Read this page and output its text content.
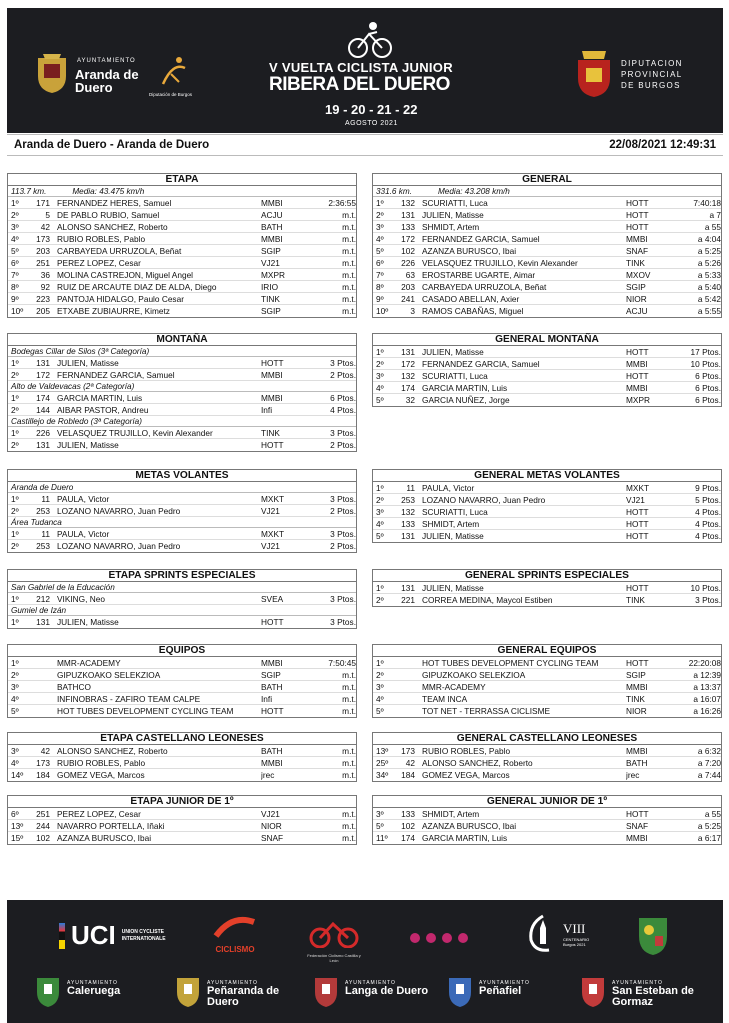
AYUNTAMIENTO
Aranda de Duero	Diputación de Burgos
V VUELTA CICLISTA JUNIOR
RIBERA DEL DUERO
19 - 20 - 21 - 22
AGOSTO 2021
DIPUTACION PROVINCIAL DE BURGOS
Aranda de Duero - Aranda de Duero	22/08/2021 12:49:31
ETAPA
113.7 km.	Media: 43.475 km/h
1º	171 FERNANDEZ HERES, Samuel	MMBI	2:36:55
2º	5 DE PABLO RUBIO, Samuel	ACJU	m.t.
3º	42 ALONSO SANCHEZ, Roberto	BATH	m.t.
4º	173 RUBIO ROBLES, Pablo	MMBI	m.t.
5º	203 CARBAYEDA URRUZOLA, Beñat	SGIP	m.t.
6º	251 PEREZ LOPEZ, Cesar	VJ21	m.t.
7º	36 MOLINA CASTREJON, Miguel Angel	MXPR	m.t.
8º	92 RUIZ DE ARCAUTE DIAZ DE ALDA, Diego	IRIO	m.t.
9º	223 PANTOJA HIDALGO, Paulo Cesar	TINK	m.t.
10º	205 ETXABE ZUBIAURRE, Kimetz	SGIP	m.t.
GENERAL
331.6 km.	Media: 43.208 km/h
1º	132 SCURIATTI, Luca	HOTT	7:40:18
2º	131 JULIEN, Matisse	HOTT	a 7
3º	133 SHMIDT, Artem	HOTT	a 55
4º	172 FERNANDEZ GARCIA, Samuel	MMBI	a 4:04
5º	102 AZANZA BURUSCO, Ibai	SNAF	a 5:25
6º	226 VELASQUEZ TRUJILLO, Kevin Alexander	TINK	a 5:26
7º	63 EROSTARBE UGARTE, Aimar	MXOV	a 5:33
8º	203 CARBAYEDA URRUZOLA, Beñat	SGIP	a 5:40
9º	241 CASADO ABELLAN, Axier	NIOR	a 5:42
10º	3 RAMOS CABAÑAS, Miguel	ACJU	a 5:55
MONTAÑA
Bodegas Cillar de Silos (3ª Categoría)
1º	131 JULIEN, Matisse	HOTT	3 Ptos.
2º	172 FERNANDEZ GARCIA, Samuel	MMBI	2 Ptos.
Alto de Valdevacas (2ª Categoría)
1º	174 GARCIA MARTIN, Luis	MMBI	6 Ptos.
2º	144 AIBAR PASTOR, Andreu	Infi	4 Ptos.
Castillejo de Robledo (3ª Categoría)
1º	226 VELASQUEZ TRUJILLO, Kevin Alexander	TINK	3 Ptos.
2º	131 JULIEN, Matisse	HOTT	2 Ptos.
GENERAL MONTAÑA
1º	131 JULIEN, Matisse	HOTT	17 Ptos.
2º	172 FERNANDEZ GARCIA, Samuel	MMBI	10 Ptos.
3º	132 SCURIATTI, Luca	HOTT	6 Ptos.
4º	174 GARCIA MARTIN, Luis	MMBI	6 Ptos.
5º	32 GARCIA NUÑEZ, Jorge	MXPR	6 Ptos.
METAS VOLANTES
Aranda de Duero
1º	11 PAULA, Victor	MXKT	3 Ptos.
2º	253 LOZANO NAVARRO, Juan Pedro	VJ21	2 Ptos.
Área Tudanca
1º	11 PAULA, Victor	MXKT	3 Ptos.
2º	253 LOZANO NAVARRO, Juan Pedro	VJ21	2 Ptos.
GENERAL METAS VOLANTES
1º	11 PAULA, Victor	MXKT	9 Ptos.
2º	253 LOZANO NAVARRO, Juan Pedro	VJ21	5 Ptos.
3º	132 SCURIATTI, Luca	HOTT	4 Ptos.
4º	133 SHMIDT, Artem	HOTT	4 Ptos.
5º	131 JULIEN, Matisse	HOTT	4 Ptos.
ETAPA SPRINTS ESPECIALES
San Gabriel de la Educación
1º	212 VIKING, Neo	SVEA	3 Ptos.
Gumiel de Izán
1º	131 JULIEN, Matisse	HOTT	3 Ptos.
GENERAL SPRINTS ESPECIALES
1º	131 JULIEN, Matisse	HOTT	10 Ptos.
2º	221 CORREA MEDINA, Maycol Estiben	TINK	3 Ptos.
EQUIPOS
1º	MMR-ACADEMY	MMBI	7:50:45
2º	GIPUZKOAKO SELEKZIOA	SGIP	m.t.
3º	BATHCO	BATH	m.t.
4º	INFINOBRAS - ZAFIRO TEAM CALPE	Infi	m.t.
5º	HOT TUBES DEVELOPMENT CYCLING TEAM	HOTT	m.t.
GENERAL EQUIPOS
1º	HOT TUBES DEVELOPMENT CYCLING TEAM	HOTT	22:20:08
2º	GIPUZKOAKO SELEKZIOA	SGIP	a 12:39
3º	MMR-ACADEMY	MMBI	a 13:37
4º	TEAM INCA	TINK	a 16:07
5º	TOT NET - TERRASSA CICLISME	NIOR	a 16:26
ETAPA CASTELLANO LEONESES
3º	42 ALONSO SANCHEZ, Roberto	BATH	m.t.
4º	173 RUBIO ROBLES, Pablo	MMBI	m.t.
14º	184 GOMEZ VEGA, Marcos	jrec	m.t.
GENERAL CASTELLANO LEONESES
13º	173 RUBIO ROBLES, Pablo	MMBI	a 6:32
25º	42 ALONSO SANCHEZ, Roberto	BATH	a 7:20
34º	184 GOMEZ VEGA, Marcos	jrec	a 7:44
ETAPA JUNIOR DE 1º
6º	251 PEREZ LOPEZ, Cesar	VJ21	m.t.
13º	244 NAVARRO PORTELLA, Iñaki	NIOR	m.t.
15º	102 AZANZA BURUSCO, Ibai	SNAF	m.t.
GENERAL JUNIOR DE 1º
3º	133 SHMIDT, Artem	HOTT	a 55
5º	102 AZANZA BURUSCO, Ibai	SNAF	a 5:25
11º	174 GARCIA MARTIN, Luis	MMBI	a 6:17
UCI UNION CYCLISTE INTERNATIONALE
CICLISMO
Federación Ciclismo Castilla y León
VIII
CENTENARIO Burgos 2021
AYUNTAMIENTO
Caleruega
AYUNTAMIENTO
Peñaranda de Duero
AYUNTAMIENTO
Langa de Duero
AYUNTAMIENTO
Peñafiel
AYUNTAMIENTO
San Esteban de Gormaz
